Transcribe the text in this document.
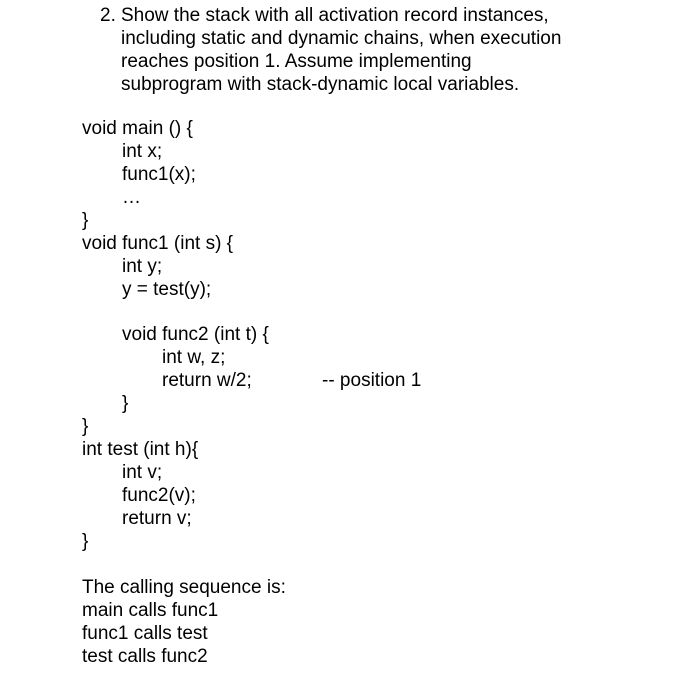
2. Show the stack with all activation record instances,
including static and dynamic chains, when execution
reaches position 1. Assume implementing
subprogram with stack-dynamic local variables.
void main () {
int x;
func1(x);
…
}
void func1 (int s) {
int y;
y = test(y);
void func2 (int t) {
int w, z;
return w/2;	-- position 1
}
}
int test (int h){
int v;
func2(v);
return v;
}
The calling sequence is:
main calls func1
func1 calls test
test calls func2
